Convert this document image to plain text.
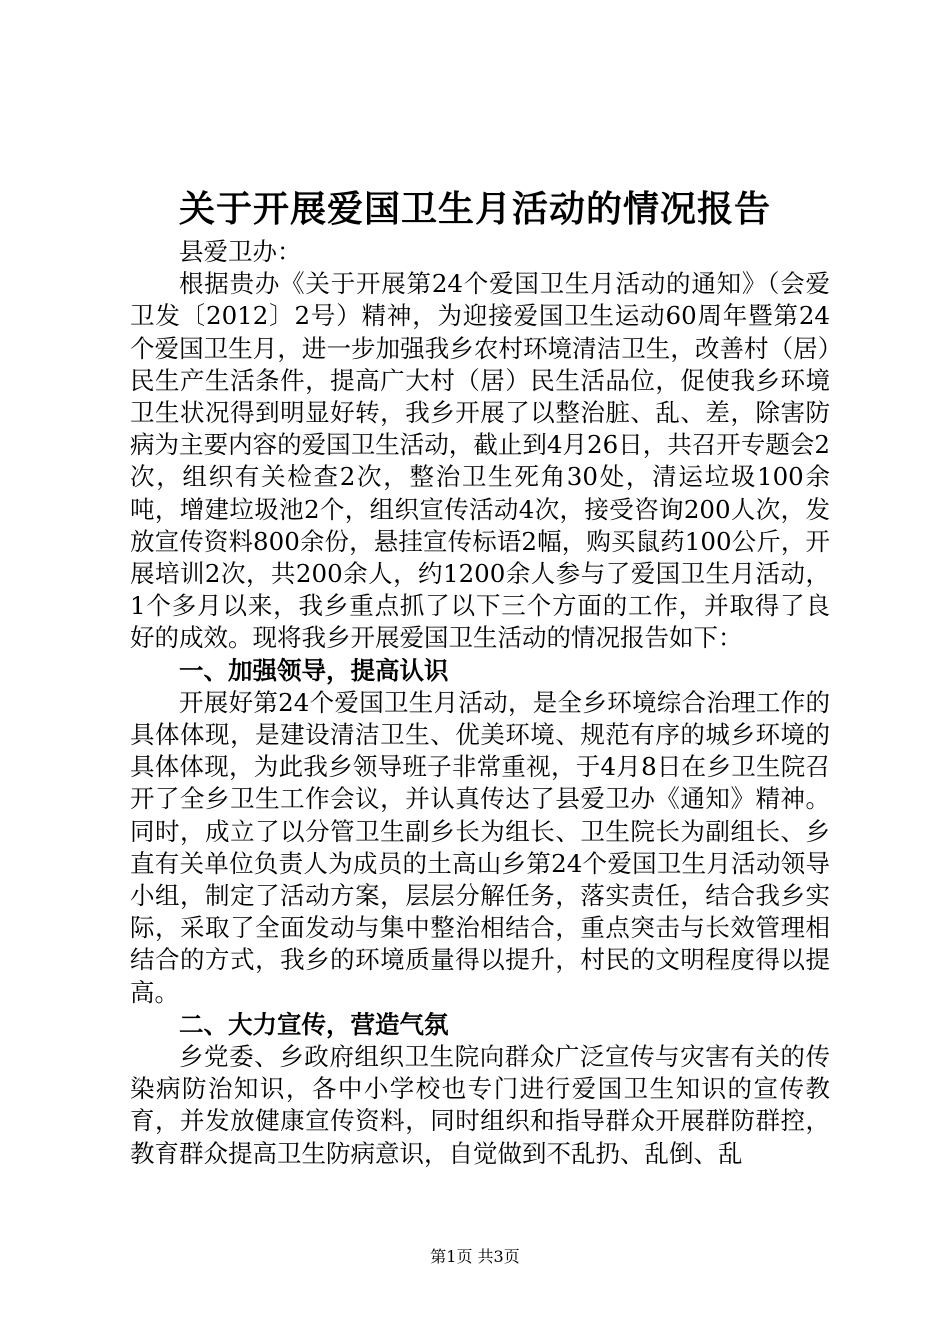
关于开展爱国卫生月活动的情况报告

县爱卫办：

根据贵办《关于开展第24个爱国卫生月活动的通知》（会爱卫发〔2012〕2号）精神，为迎接爱国卫生运动60周年暨第24个爱国卫生月，进一步加强我乡农村环境清洁卫生，改善村（居）民生产生活条件，提高广大村（居）民生活品位，促使我乡环境卫生状况得到明显好转，我乡开展了以整治脏、乱、差，除害防病为主要内容的爱国卫生活动，截止到4月26日，共召开专题会2次，组织有关检查2次，整治卫生死角30处，清运垃圾100余吨，增建垃圾池2个，组织宣传活动4次，接受咨询200人次，发放宣传资料800余份，悬挂宣传标语2幅，购买鼠药100公斤，开展培训2次，共200余人，约1200余人参与了爱国卫生月活动，1个多月以来，我乡重点抓了以下三个方面的工作，并取得了良好的成效。现将我乡开展爱国卫生活动的情况报告如下：

一、加强领导，提高认识

开展好第24个爱国卫生月活动，是全乡环境综合治理工作的具体体现，是建设清洁卫生、优美环境、规范有序的城乡环境的具体体现，为此我乡领导班子非常重视，于4月8日在乡卫生院召开了全乡卫生工作会议，并认真传达了县爱卫办《通知》精神。同时，成立了以分管卫生副乡长为组长、卫生院长为副组长、乡直有关单位负责人为成员的土高山乡第24个爱国卫生月活动领导小组，制定了活动方案，层层分解任务，落实责任，结合我乡实际，采取了全面发动与集中整治相结合，重点突击与长效管理相结合的方式，我乡的环境质量得以提升，村民的文明程度得以提高。

二、大力宣传，营造气氛

乡党委、乡政府组织卫生院向群众广泛宣传与灾害有关的传染病防治知识，各中小学校也专门进行爱国卫生知识的宣传教育，并发放健康宣传资料，同时组织和指导群众开展群防群控，教育群众提高卫生防病意识，自觉做到不乱扔、乱倒、乱

第1页 共3页
